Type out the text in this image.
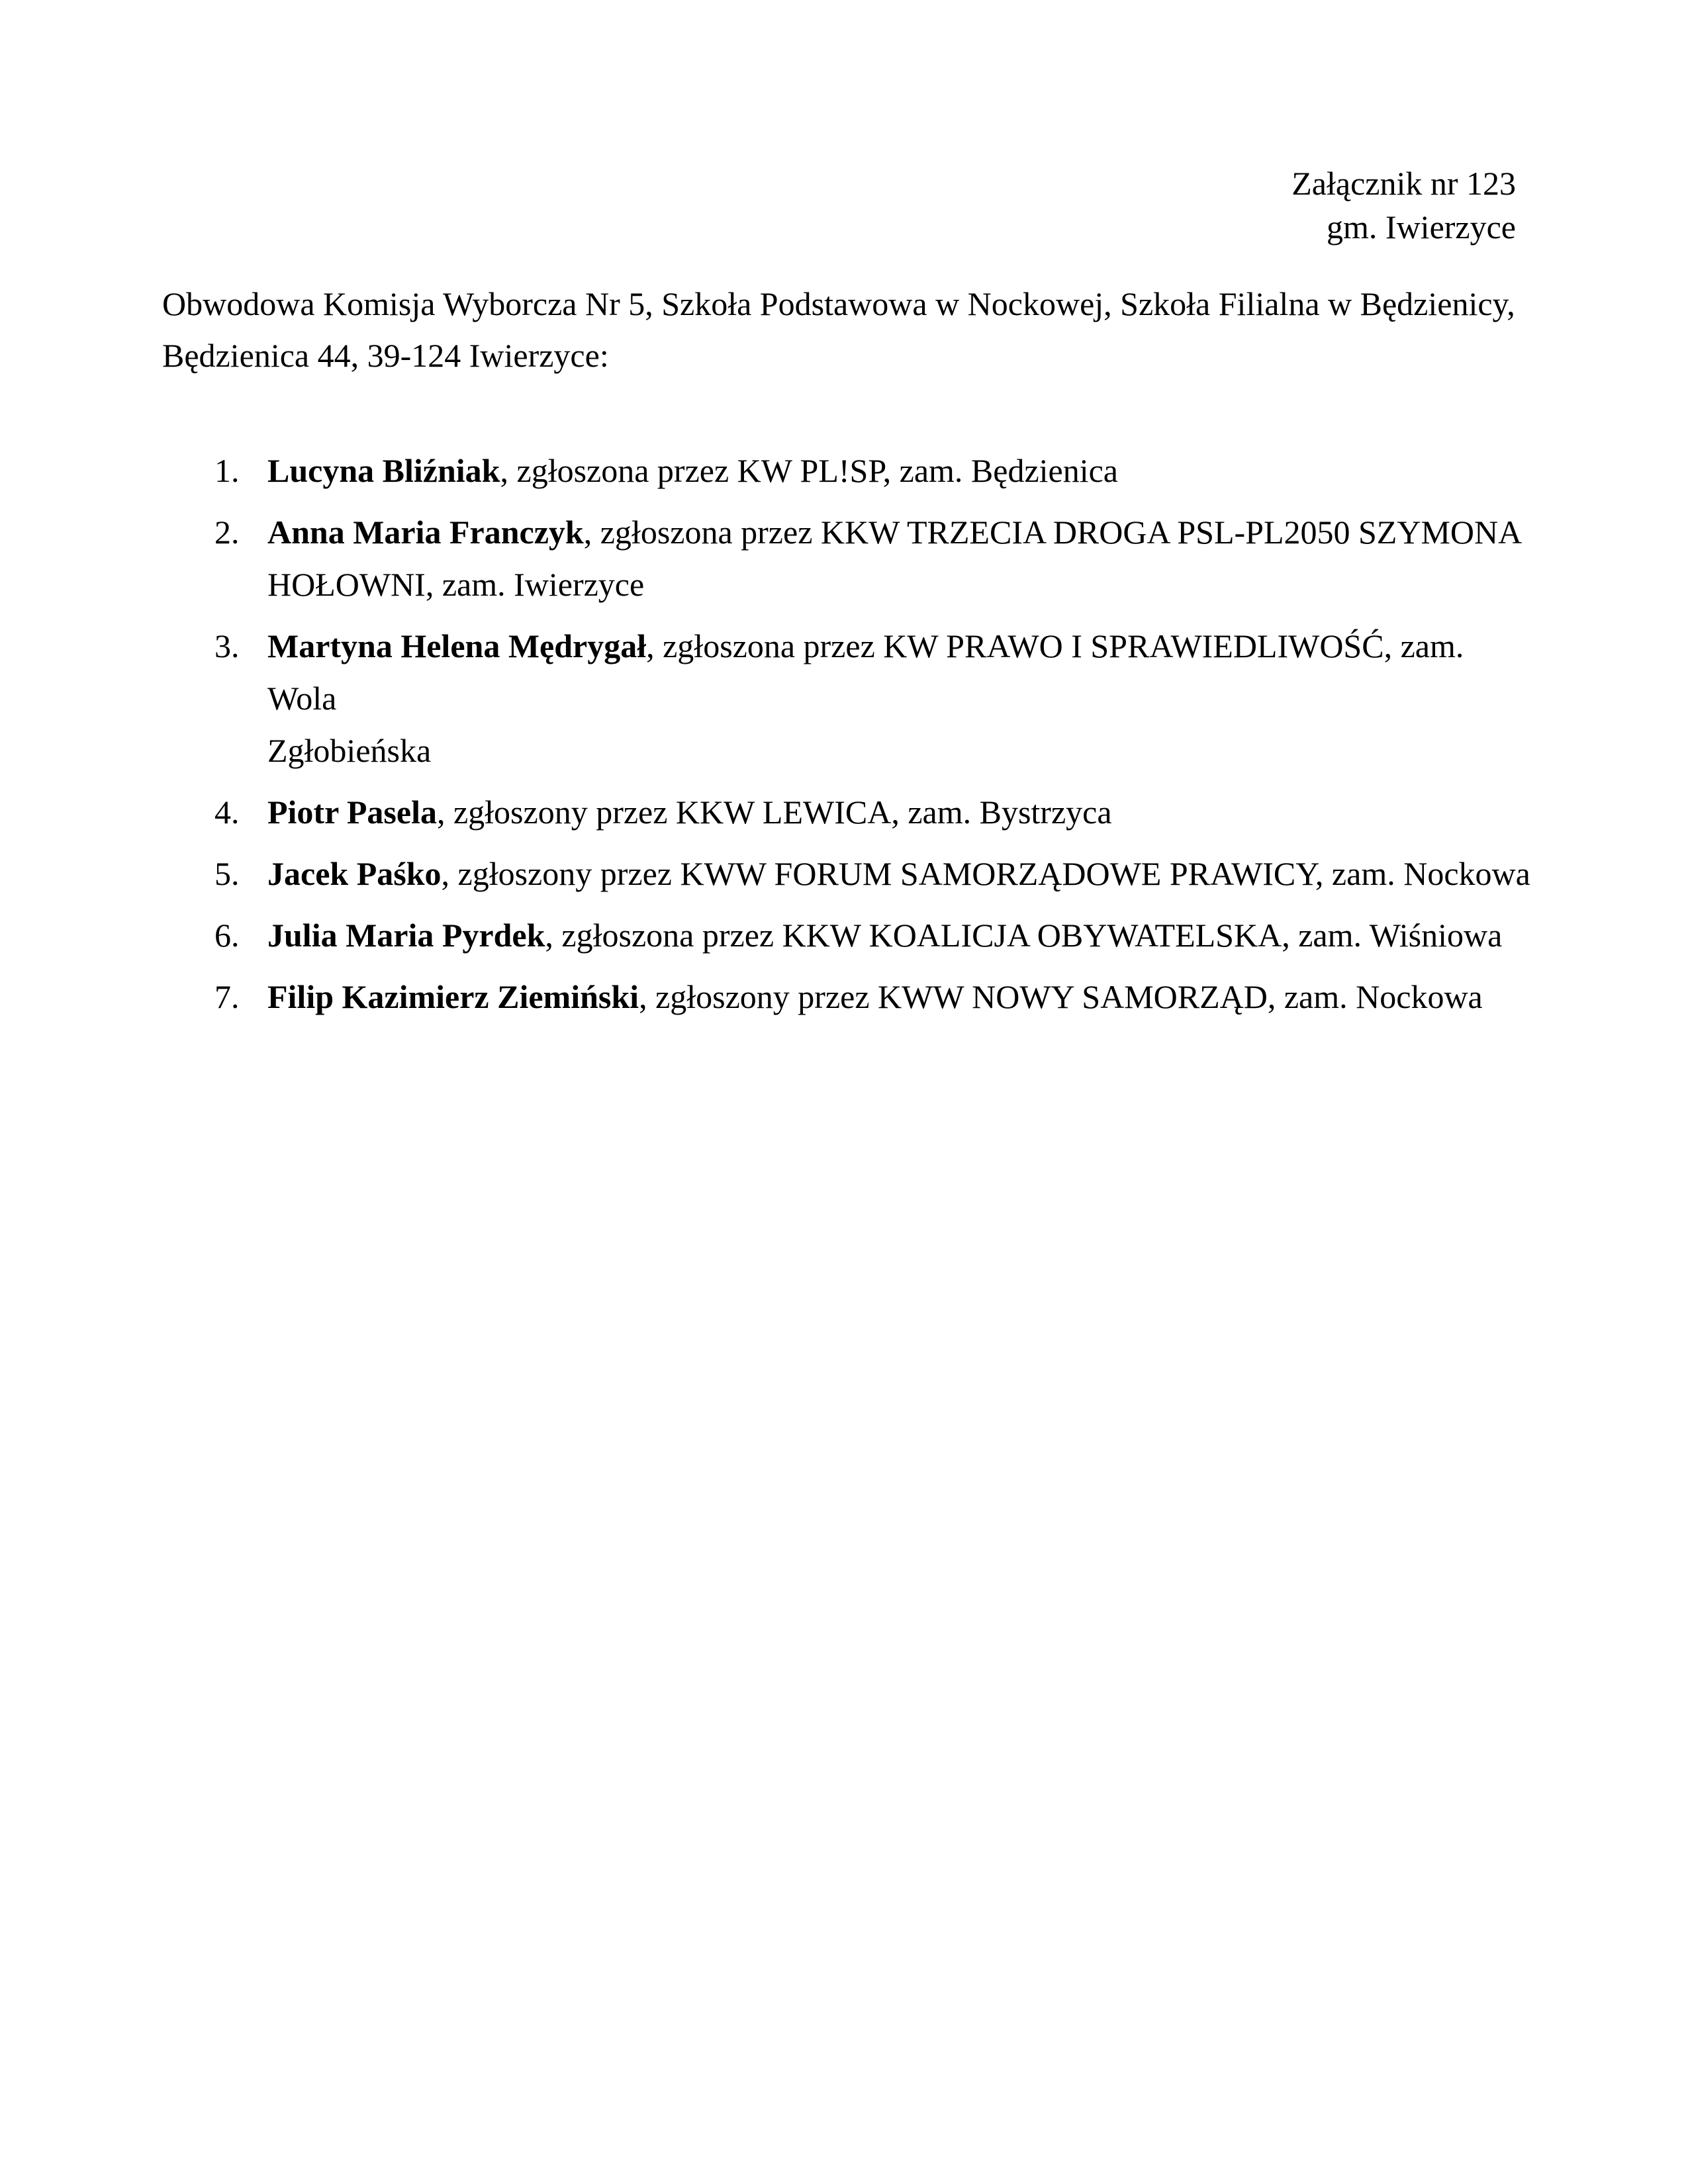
Załącznik nr 123
gm. Iwierzyce
Obwodowa Komisja Wyborcza Nr 5, Szkoła Podstawowa w Nockowej, Szkoła Filialna w Będzienicy,
Będzienica 44, 39-124 Iwierzyce:
1. Lucyna Bliźniak, zgłoszona przez KW PL!SP, zam. Będzienica
2. Anna Maria Franczyk, zgłoszona przez KKW TRZECIA DROGA PSL-PL2050 SZYMONA
HOŁOWNI, zam. Iwierzyce
3. Martyna Helena Mędrygał, zgłoszona przez KW PRAWO I SPRAWIEDLIWOŚĆ, zam. Wola
Zgłobieńska
4. Piotr Pasela, zgłoszony przez KKW LEWICA, zam. Bystrzyca
5. Jacek Paśko, zgłoszony przez KWW FORUM SAMORZĄDOWE PRAWICY, zam. Nockowa
6. Julia Maria Pyrdek, zgłoszona przez KKW KOALICJA OBYWATELSKA, zam. Wiśniowa
7. Filip Kazimierz Ziemiński, zgłoszony przez KWW NOWY SAMORZĄD, zam. Nockowa
